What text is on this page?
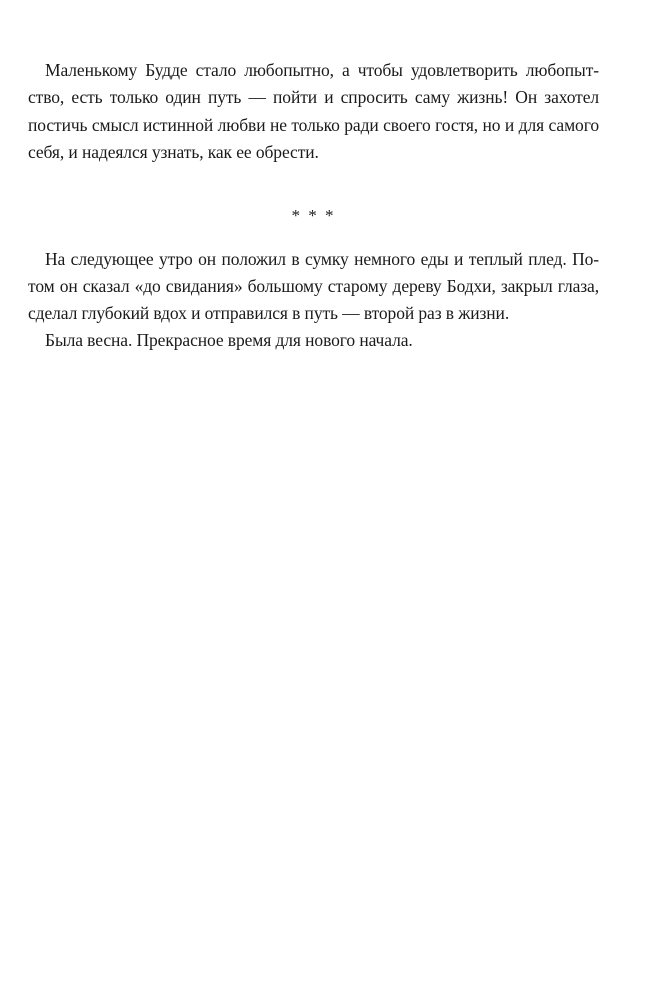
Маленькому Будде стало любопытно, а чтобы удовлетворить любопыт-
ство, есть только один путь — пойти и спросить саму жизнь! Он захотел
постичь смысл истинной любви не только ради своего гостя, но и для самого
себя, и надеялся узнать, как ее обрести.
* * *
На следующее утро он положил в сумку немного еды и теплый плед. По-
том он сказал «до свидания» большому старому дереву Бодхи, закрыл глаза,
сделал глубокий вдох и отправился в путь — второй раз в жизни.
Была весна. Прекрасное время для нового начала.
